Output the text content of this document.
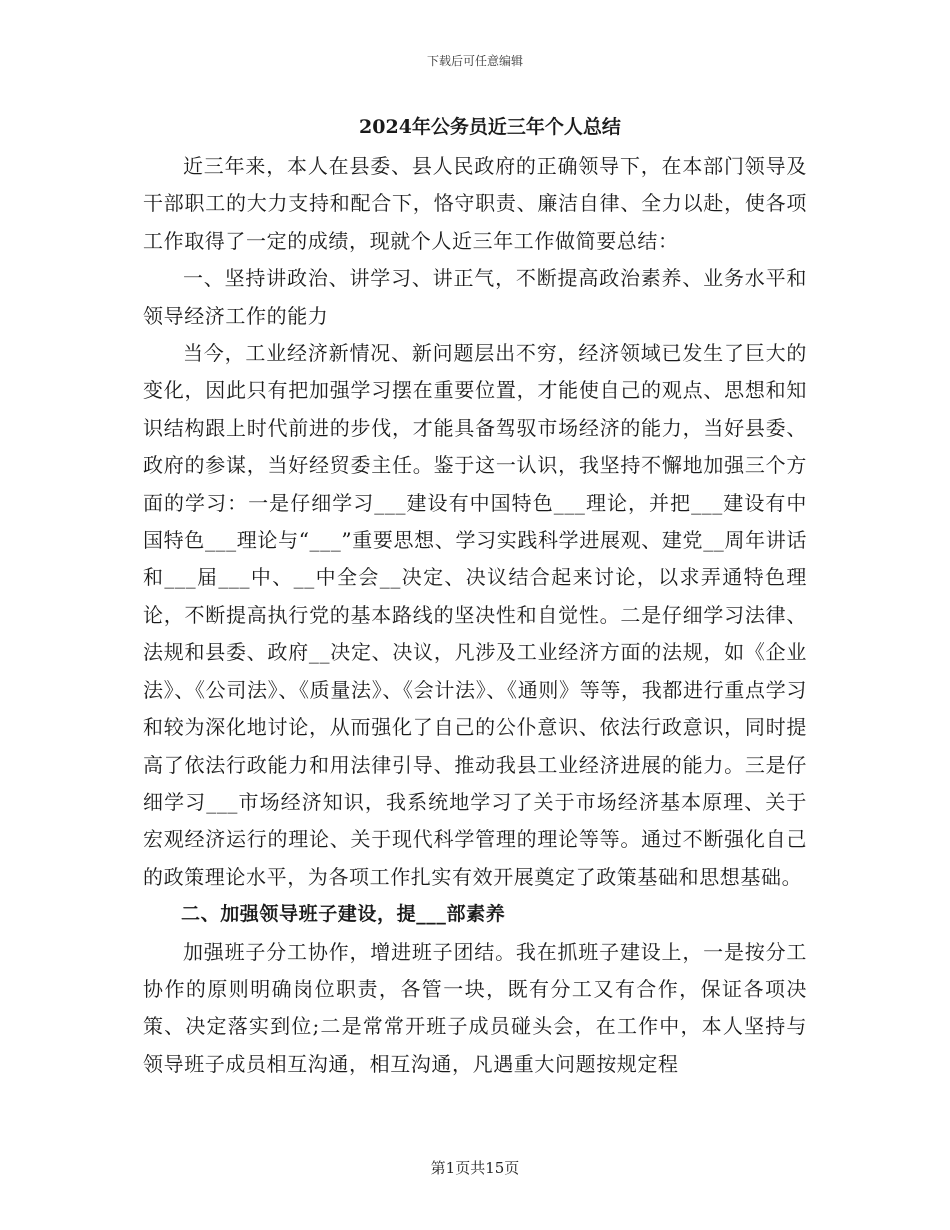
下载后可任意编辑
2024年公务员近三年个人总结

近三年来，本人在县委、县人民政府的正确领导下，在本部门领导及干部职工的大力支持和配合下，恪守职责、廉洁自律、全力以赴，使各项工作取得了一定的成绩，现就个人近三年工作做简要总结：

一、坚持讲政治、讲学习、讲正气，不断提高政治素养、业务水平和领导经济工作的能力

当今，工业经济新情况、新问题层出不穷，经济领域已发生了巨大的变化，因此只有把加强学习摆在重要位置，才能使自己的观点、思想和知识结构跟上时代前进的步伐，才能具备驾驭市场经济的能力，当好县委、政府的参谋，当好经贸委主任。鉴于这一认识，我坚持不懈地加强三个方面的学习：一是仔细学习___建设有中国特色___理论，并把___建设有中国特色___理论与“___”重要思想、学习实践科学进展观、建党__周年讲话和___届___中、__中全会__决定、决议结合起来讨论，以求弄通特色理论，不断提高执行党的基本路线的坚决性和自觉性。二是仔细学习法律、法规和县委、政府__决定、决议，凡涉及工业经济方面的法规，如《企业法》、《公司法》、《质量法》、《会计法》、《通则》等等，我都进行重点学习和较为深化地讨论，从而强化了自己的公仆意识、依法行政意识，同时提高了依法行政能力和用法律引导、推动我县工业经济进展的能力。三是仔细学习___市场经济知识，我系统地学习了关于市场经济基本原理、关于宏观经济运行的理论、关于现代科学管理的理论等等。通过不断强化自己的政策理论水平，为各项工作扎实有效开展奠定了政策基础和思想基础。

二、加强领导班子建设，提___部素养

加强班子分工协作，增进班子团结。我在抓班子建设上，一是按分工协作的原则明确岗位职责，各管一块，既有分工又有合作，保证各项决策、决定落实到位;二是常常开班子成员碰头会，在工作中，本人坚持与领导班子成员相互沟通，相互沟通，凡遇重大问题按规定程

第1页共15页
